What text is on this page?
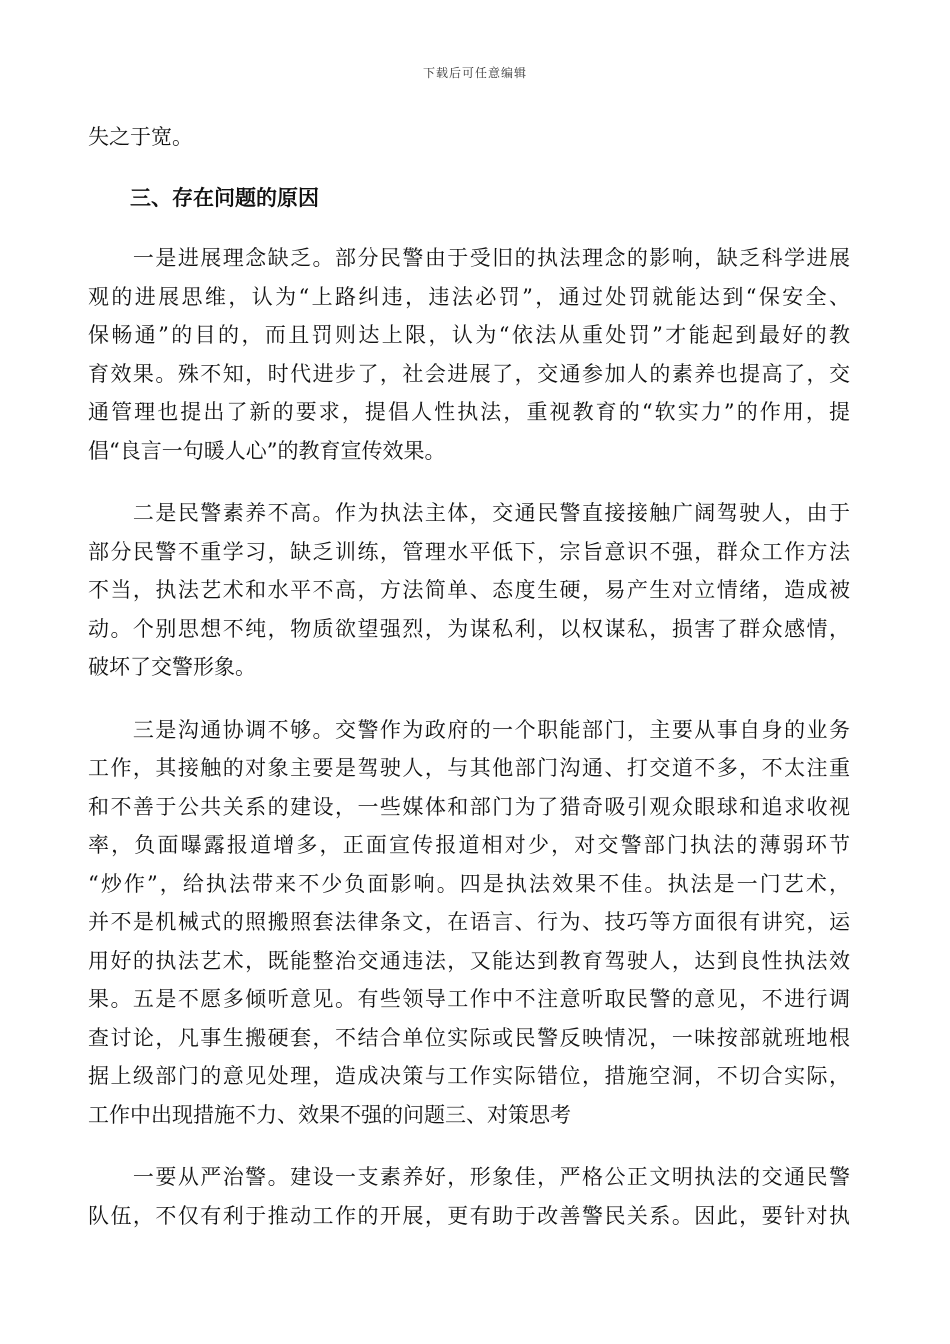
下载后可任意编辑
失之于宽。
三、存在问题的原因
　　一是进展理念缺乏。部分民警由于受旧的执法理念的影响，缺乏科学进展
观的进展思维，认为“上路纠违，违法必罚”，通过处罚就能达到“保安全、
保畅通”的目的，而且罚则达上限，认为“依法从重处罚”才能起到最好的教
育效果。殊不知，时代进步了，社会进展了，交通参加人的素养也提高了，交
通管理也提出了新的要求，提倡人性执法，重视教育的“软实力”的作用，提
倡“良言一句暖人心”的教育宣传效果。
　　二是民警素养不高。作为执法主体，交通民警直接接触广阔驾驶人，由于
部分民警不重学习，缺乏训练，管理水平低下，宗旨意识不强，群众工作方法
不当，执法艺术和水平不高，方法简单、态度生硬，易产生对立情绪，造成被
动。个别思想不纯，物质欲望强烈，为谋私利，以权谋私，损害了群众感情，
破坏了交警形象。
　　三是沟通协调不够。交警作为政府的一个职能部门，主要从事自身的业务
工作，其接触的对象主要是驾驶人，与其他部门沟通、打交道不多，不太注重
和不善于公共关系的建设，一些媒体和部门为了猎奇吸引观众眼球和追求收视
率，负面曝露报道增多，正面宣传报道相对少，对交警部门执法的薄弱环节
“炒作”，给执法带来不少负面影响。四是执法效果不佳。执法是一门艺术，
并不是机械式的照搬照套法律条文，在语言、行为、技巧等方面很有讲究，运
用好的执法艺术，既能整治交通违法，又能达到教育驾驶人，达到良性执法效
果。五是不愿多倾听意见。有些领导工作中不注意听取民警的意见，不进行调
查讨论，凡事生搬硬套，不结合单位实际或民警反映情况，一味按部就班地根
据上级部门的意见处理，造成决策与工作实际错位，措施空洞，不切合实际，
工作中出现措施不力、效果不强的问题三、对策思考
　　一要从严治警。建设一支素养好，形象佳，严格公正文明执法的交通民警
队伍，不仅有利于推动工作的开展，更有助于改善警民关系。因此，要针对执
